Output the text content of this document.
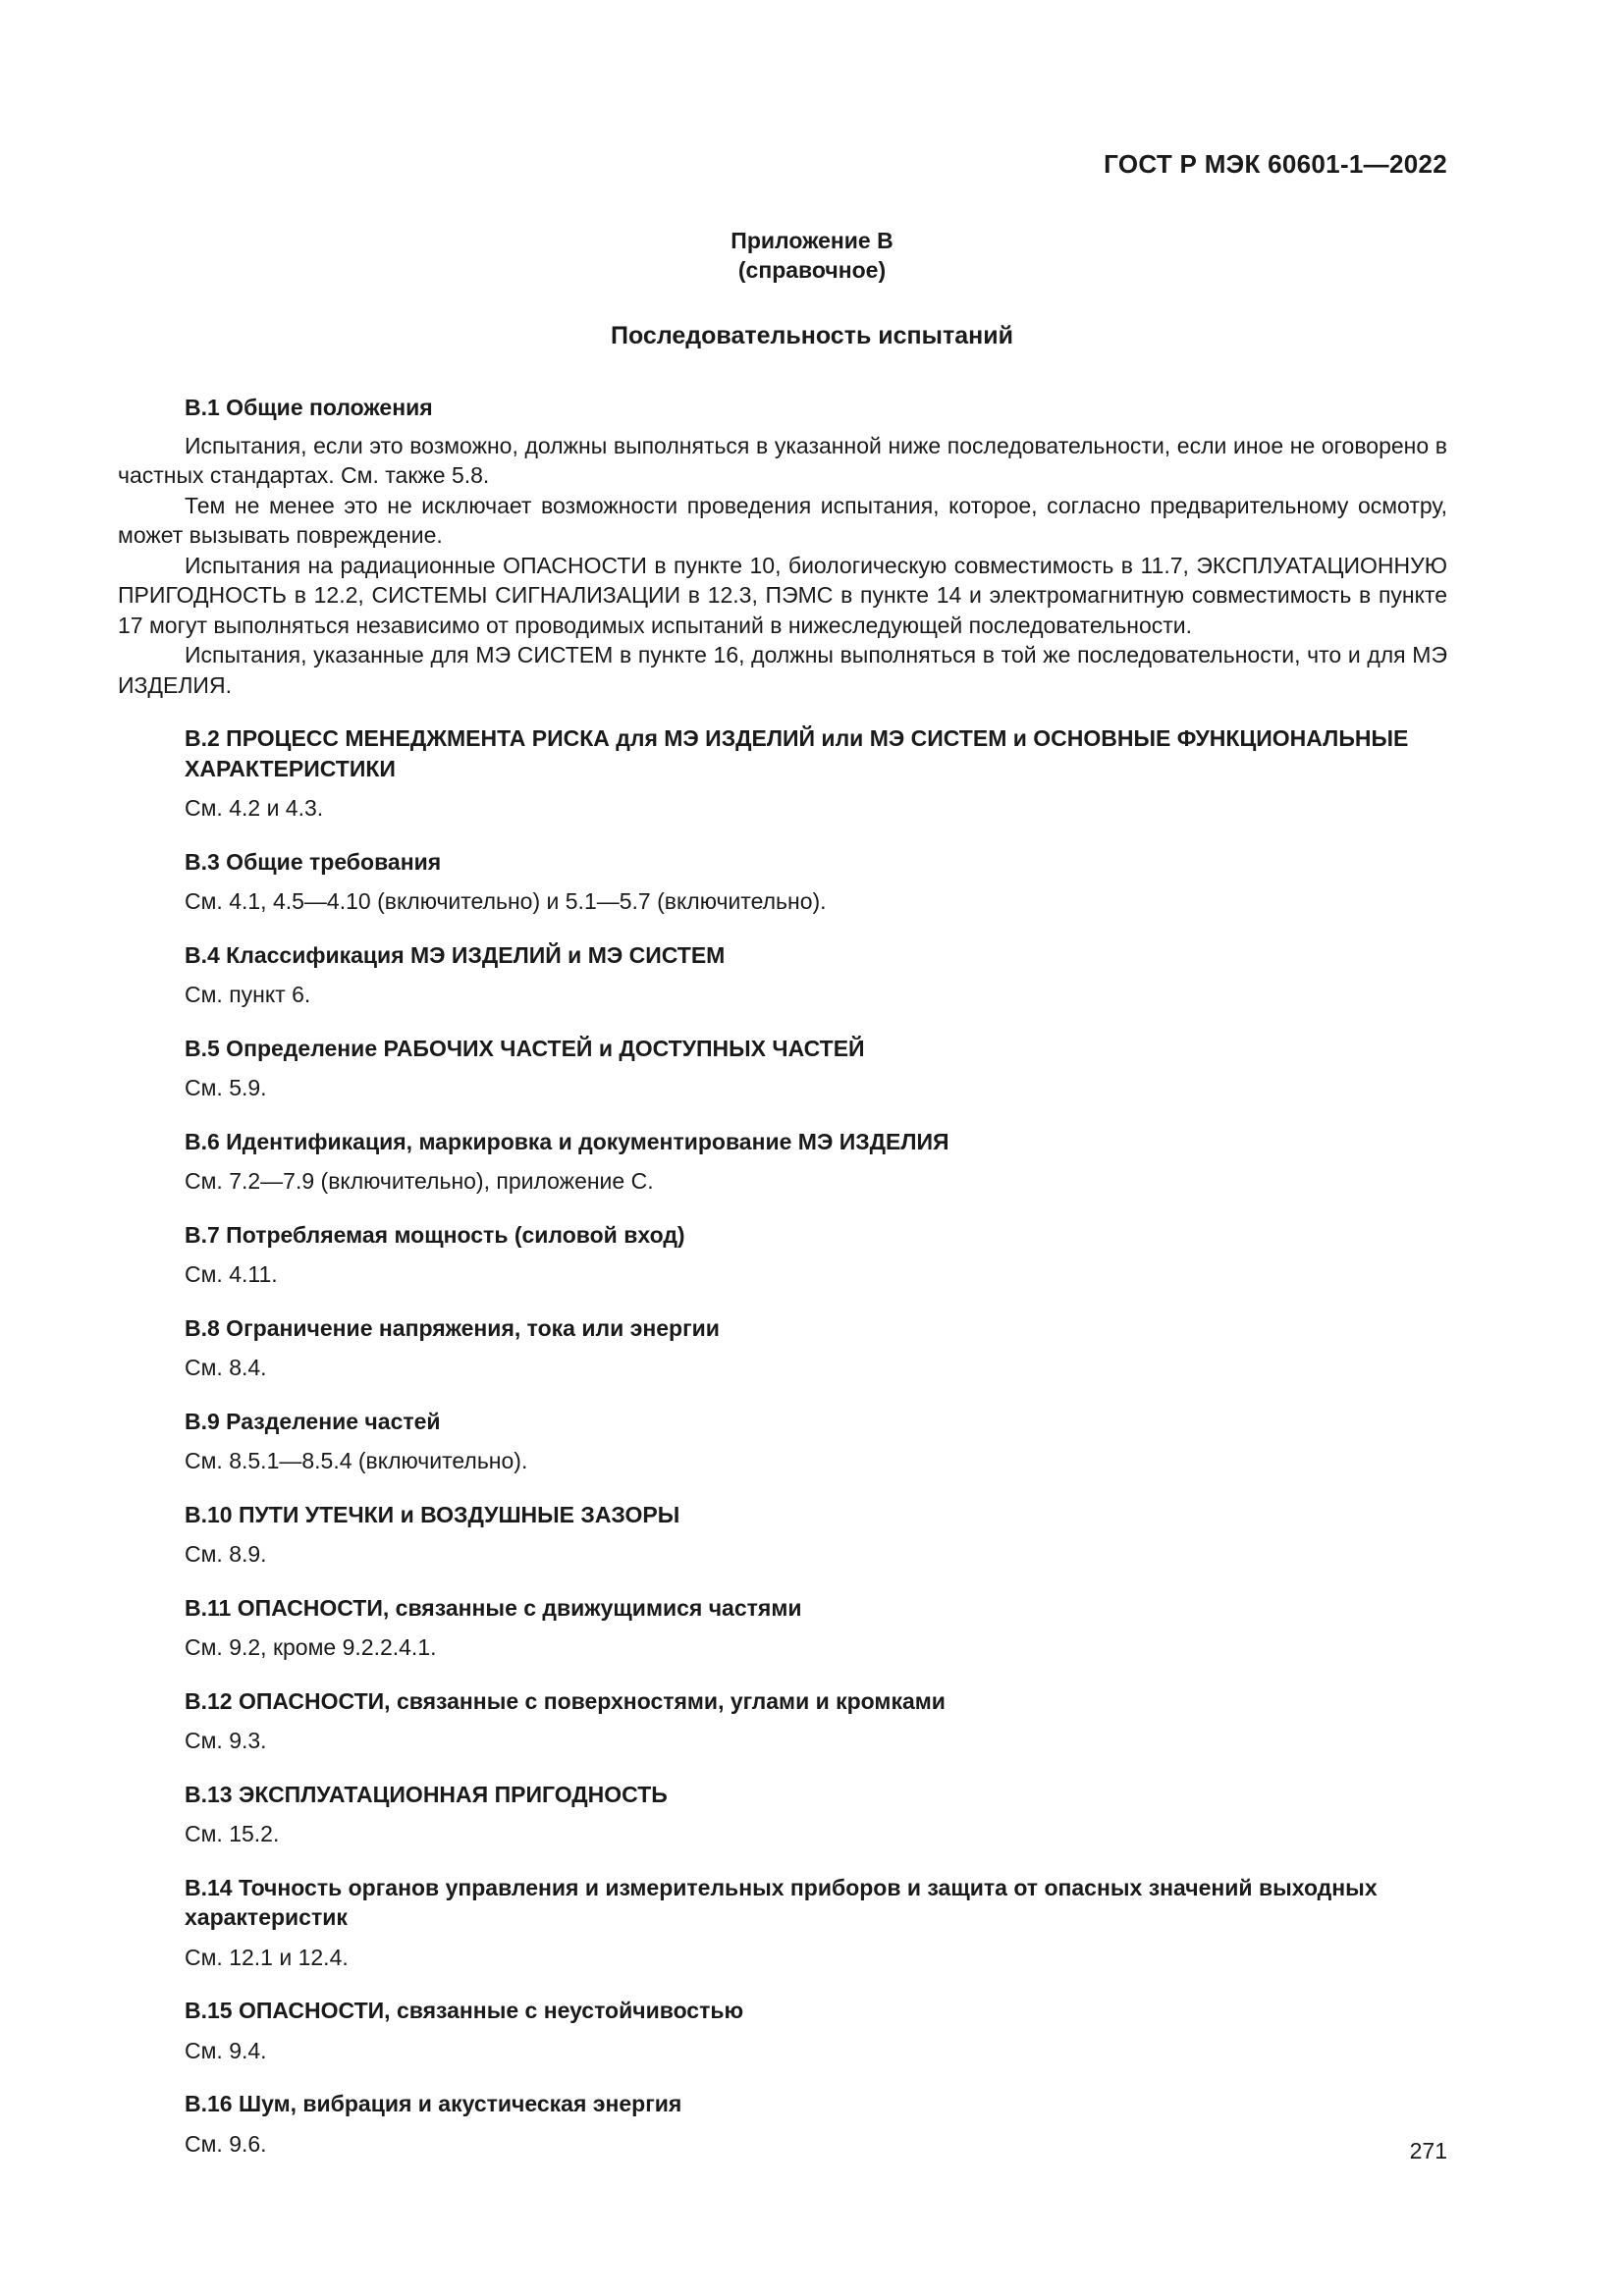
ГОСТ Р МЭК 60601-1—2022
Приложение В
(справочное)
Последовательность испытаний

В.1 Общие положения

Испытания, если это возможно, должны выполняться в указанной ниже последовательности, если иное не оговорено в частных стандартах. См. также 5.8.

Тем не менее это не исключает возможности проведения испытания, которое, согласно предварительному осмотру, может вызывать повреждение.

Испытания на радиационные ОПАСНОСТИ в пункте 10, биологическую совместимость в 11.7, ЭКСПЛУАТАЦИОННУЮ ПРИГОДНОСТЬ в 12.2, СИСТЕМЫ СИГНАЛИЗАЦИИ в 12.3, ПЭМС в пункте 14 и электромагнитную совместимость в пункте 17 могут выполняться независимо от проводимых испытаний в нижеследующей последовательности.

Испытания, указанные для МЭ СИСТЕМ в пункте 16, должны выполняться в той же последовательности, что и для МЭ ИЗДЕЛИЯ.

В.2 ПРОЦЕСС МЕНЕДЖМЕНТА РИСКА для МЭ ИЗДЕЛИЙ или МЭ СИСТЕМ и ОСНОВНЫЕ ФУНКЦИОНАЛЬНЫЕ ХАРАКТЕРИСТИКИ

См. 4.2 и 4.3.

В.3 Общие требования

См. 4.1, 4.5—4.10 (включительно) и 5.1—5.7 (включительно).

В.4 Классификация МЭ ИЗДЕЛИЙ и МЭ СИСТЕМ

См. пункт 6.

В.5 Определение РАБОЧИХ ЧАСТЕЙ и ДОСТУПНЫХ ЧАСТЕЙ

См. 5.9.

В.6 Идентификация, маркировка и документирование МЭ ИЗДЕЛИЯ

См. 7.2—7.9 (включительно), приложение С.

В.7 Потребляемая мощность (силовой вход)

См. 4.11.

В.8 Ограничение напряжения, тока или энергии

См. 8.4.

В.9 Разделение частей

См. 8.5.1—8.5.4 (включительно).

В.10 ПУТИ УТЕЧКИ и ВОЗДУШНЫЕ ЗАЗОРЫ

См. 8.9.

В.11 ОПАСНОСТИ, связанные с движущимися частями

См. 9.2, кроме 9.2.2.4.1.

В.12 ОПАСНОСТИ, связанные с поверхностями, углами и кромками

См. 9.3.

В.13 ЭКСПЛУАТАЦИОННАЯ ПРИГОДНОСТЬ

См. 15.2.

В.14 Точность органов управления и измерительных приборов и защита от опасных значений выходных характеристик

См. 12.1 и 12.4.

В.15 ОПАСНОСТИ, связанные с неустойчивостью

См. 9.4.

В.16 Шум, вибрация и акустическая энергия

См. 9.6.	271
